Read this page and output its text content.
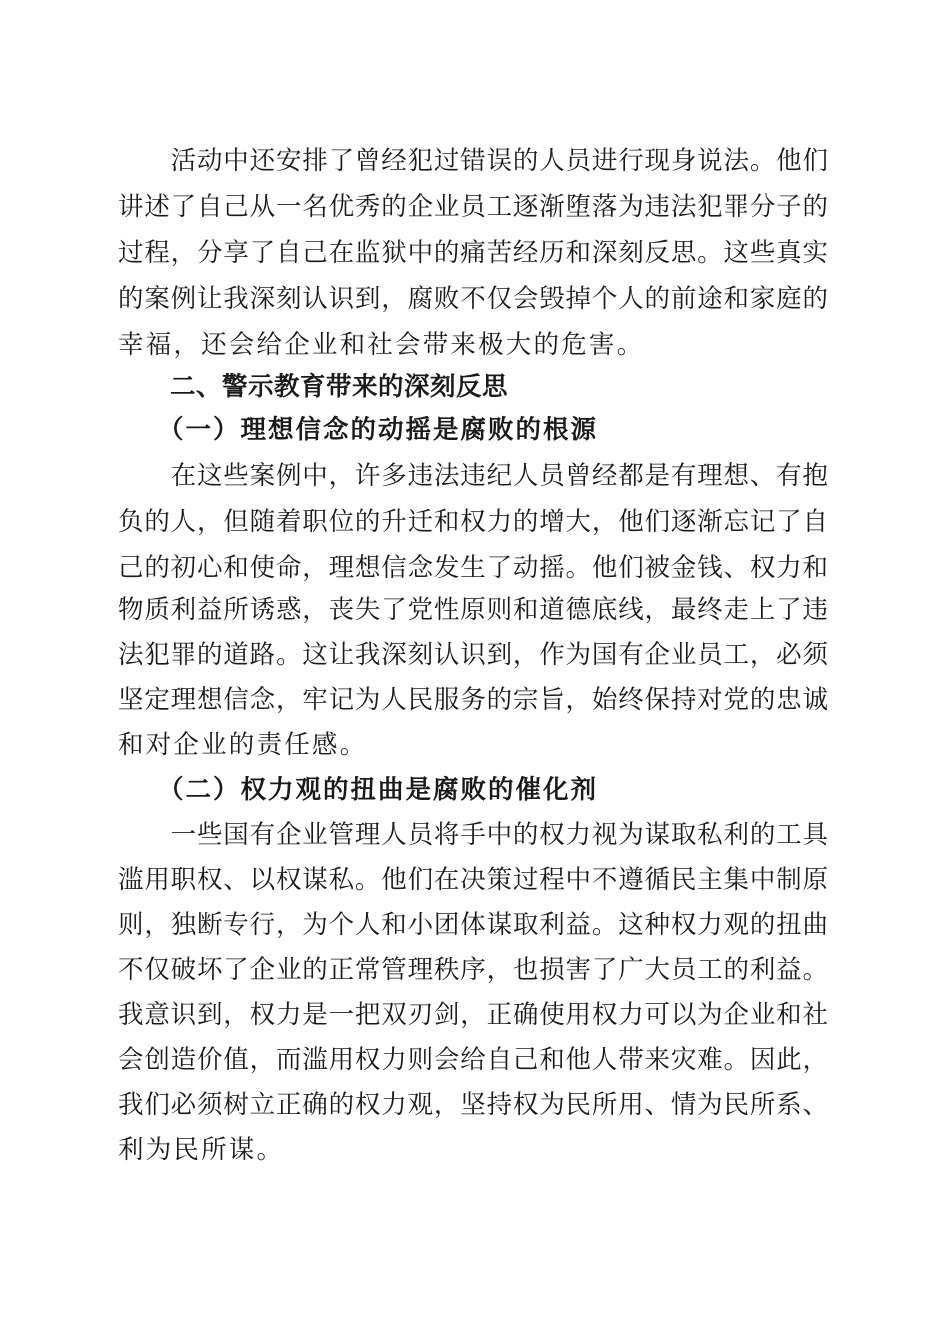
　　活动中还安排了曾经犯过错误的人员进行现身说法。他们
讲述了自己从一名优秀的企业员工逐渐堕落为违法犯罪分子的
过程，分享了自己在监狱中的痛苦经历和深刻反思。这些真实
的案例让我深刻认识到，腐败不仅会毁掉个人的前途和家庭的
幸福，还会给企业和社会带来极大的危害。
二、警示教育带来的深刻反思
（一）理想信念的动摇是腐败的根源
　　在这些案例中，许多违法违纪人员曾经都是有理想、有抱
负的人，但随着职位的升迁和权力的增大，他们逐渐忘记了自
己的初心和使命，理想信念发生了动摇。他们被金钱、权力和
物质利益所诱惑，丧失了党性原则和道德底线，最终走上了违
法犯罪的道路。这让我深刻认识到，作为国有企业员工，必须
坚定理想信念，牢记为人民服务的宗旨，始终保持对党的忠诚
和对企业的责任感。
（二）权力观的扭曲是腐败的催化剂
　　一些国有企业管理人员将手中的权力视为谋取私利的工具
滥用职权、以权谋私。他们在决策过程中不遵循民主集中制原
则，独断专行，为个人和小团体谋取利益。这种权力观的扭曲
不仅破坏了企业的正常管理秩序，也损害了广大员工的利益。
我意识到，权力是一把双刃剑，正确使用权力可以为企业和社
会创造价值，而滥用权力则会给自己和他人带来灾难。因此，
我们必须树立正确的权力观，坚持权为民所用、情为民所系、
利为民所谋。
